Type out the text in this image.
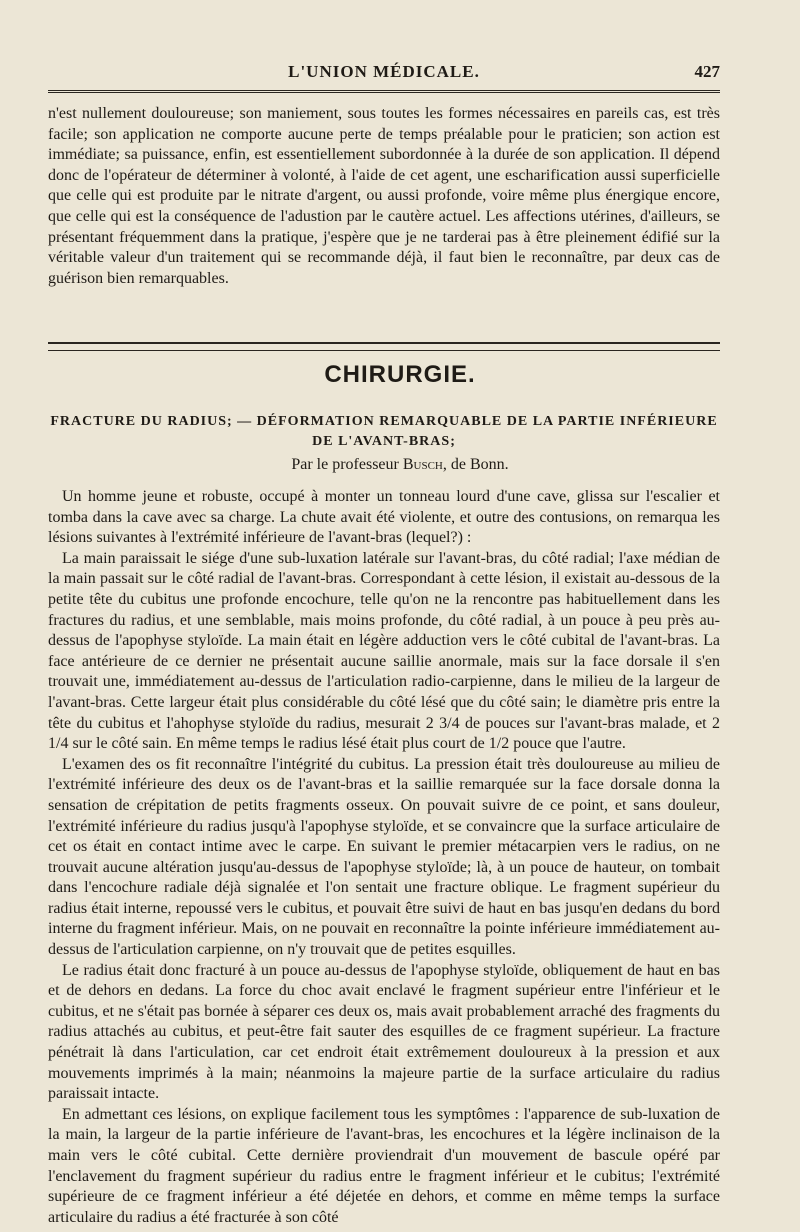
L'UNION MÉDICALE.	427

n'est nullement douloureuse; son maniement, sous toutes les formes nécessaires en pareils cas, est très facile; son application ne comporte aucune perte de temps préalable pour le praticien; son action est immédiate; sa puissance, enfin, est essentiellement subordonnée à la durée de son application. Il dépend donc de l'opérateur de déterminer à volonté, à l'aide de cet agent, une escharification aussi superficielle que celle qui est produite par le nitrate d'argent, ou aussi profonde, voire même plus énergique encore, que celle qui est la conséquence de l'adustion par le cautère actuel. Les affections utérines, d'ailleurs, se présentant fréquemment dans la pratique, j'espère que je ne tarderai pas à être pleinement édifié sur la véritable valeur d'un traitement qui se recommande déjà, il faut bien le reconnaître, par deux cas de guérison bien remarquables.

CHIRURGIE.
FRACTURE DU RADIUS; — DÉFORMATION REMARQUABLE DE LA PARTIE INFÉRIEURE DE L'AVANT-BRAS;
Par le professeur Busch, de Bonn.

Un homme jeune et robuste, occupé à monter un tonneau lourd d'une cave, glissa sur l'escalier et tomba dans la cave avec sa charge. La chute avait été violente, et outre des contusions, on remarqua les lésions suivantes à l'extrémité inférieure de l'avant-bras (lequel?) :

La main paraissait le siége d'une sub-luxation latérale sur l'avant-bras, du côté radial; l'axe médian de la main passait sur le côté radial de l'avant-bras. Correspondant à cette lésion, il existait au-dessous de la petite tête du cubitus une profonde encochure, telle qu'on ne la rencontre pas habituellement dans les fractures du radius, et une semblable, mais moins profonde, du côté radial, à un pouce à peu près au-dessus de l'apophyse styloïde. La main était en légère adduction vers le côté cubital de l'avant-bras. La face antérieure de ce dernier ne présentait aucune saillie anormale, mais sur la face dorsale il s'en trouvait une, immédiatement au-dessus de l'articulation radio-carpienne, dans le milieu de la largeur de l'avant-bras. Cette largeur était plus considérable du côté lésé que du côté sain; le diamètre pris entre la tête du cubitus et l'ahophyse styloïde du radius, mesurait 2 3/4 de pouces sur l'avant-bras malade, et 2 1/4 sur le côté sain. En même temps le radius lésé était plus court de 1/2 pouce que l'autre.

L'examen des os fit reconnaître l'intégrité du cubitus. La pression était très douloureuse au milieu de l'extrémité inférieure des deux os de l'avant-bras et la saillie remarquée sur la face dorsale donna la sensation de crépitation de petits fragments osseux. On pouvait suivre de ce point, et sans douleur, l'extrémité inférieure du radius jusqu'à l'apophyse styloïde, et se convaincre que la surface articulaire de cet os était en contact intime avec le carpe. En suivant le premier métacarpien vers le radius, on ne trouvait aucune altération jusqu'au-dessus de l'apophyse styloïde; là, à un pouce de hauteur, on tombait dans l'encochure radiale déjà signalée et l'on sentait une fracture oblique. Le fragment supérieur du radius était interne, repoussé vers le cubitus, et pouvait être suivi de haut en bas jusqu'en dedans du bord interne du fragment inférieur. Mais, on ne pouvait en reconnaître la pointe inférieure immédiatement au-dessus de l'articulation carpienne, on n'y trouvait que de petites esquilles.

Le radius était donc fracturé à un pouce au-dessus de l'apophyse styloïde, obliquement de haut en bas et de dehors en dedans. La force du choc avait enclavé le fragment supérieur entre l'inférieur et le cubitus, et ne s'était pas bornée à séparer ces deux os, mais avait probablement arraché des fragments du radius attachés au cubitus, et peut-être fait sauter des esquilles de ce fragment supérieur. La fracture pénétrait là dans l'articulation, car cet endroit était extrêmement douloureux à la pression et aux mouvements imprimés à la main; néanmoins la majeure partie de la surface articulaire du radius paraissait intacte.

En admettant ces lésions, on explique facilement tous les symptômes : l'apparence de sub-luxation de la main, la largeur de la partie inférieure de l'avant-bras, les encochures et la légère inclinaison de la main vers le côté cubital. Cette dernière proviendrait d'un mouvement de bascule opéré par l'enclavement du fragment supérieur du radius entre le fragment inférieur et le cubitus; l'extrémité supérieure de ce fragment inférieur a été déjetée en dehors, et comme en même temps la surface articulaire du radius a été fracturée à son côté
